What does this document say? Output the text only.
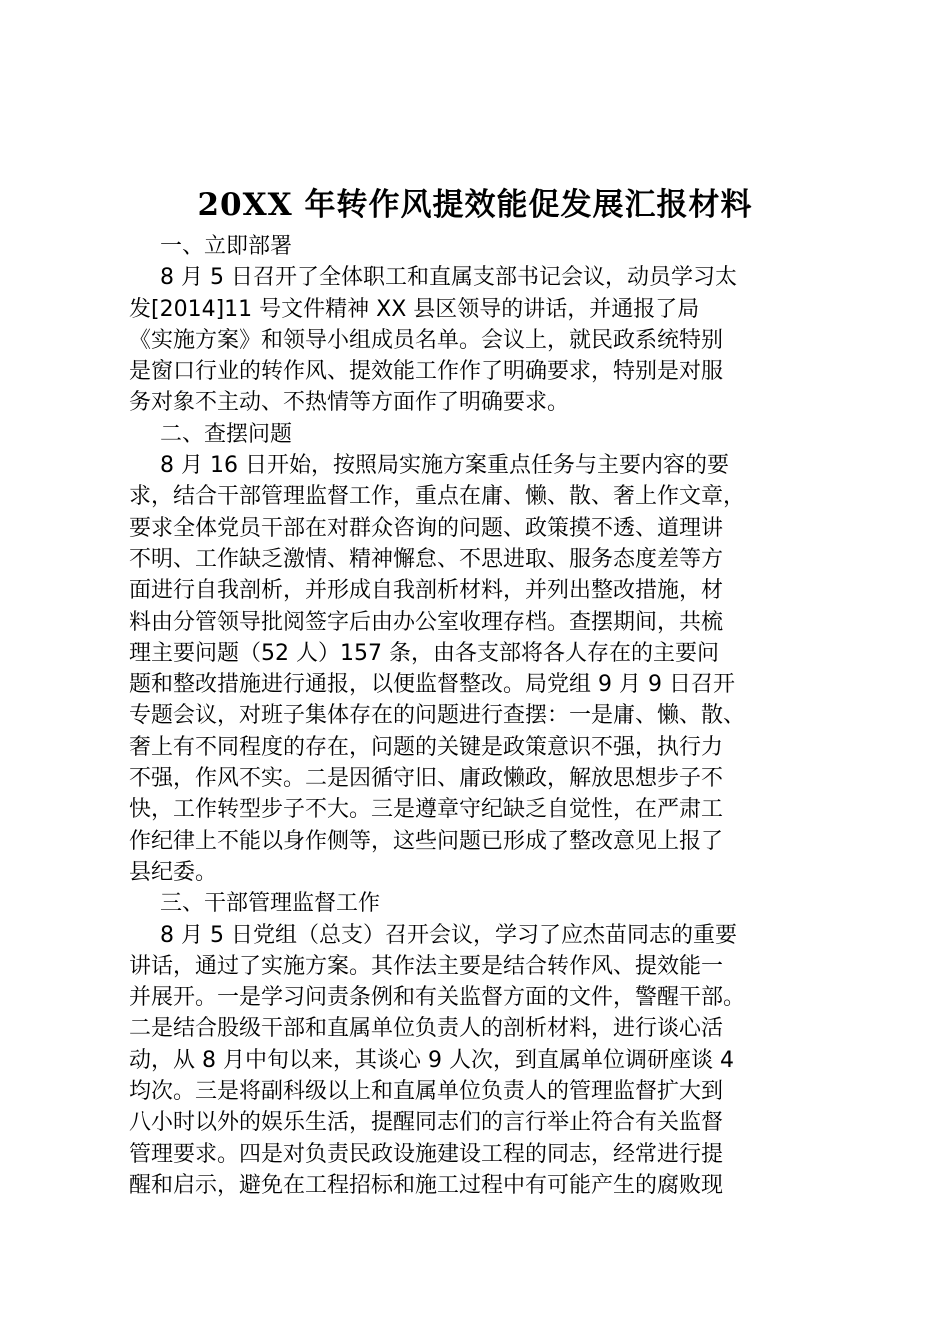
20XX 年转作风提效能促发展汇报材料
一、立即部署
8 月 5 日召开了全体职工和直属支部书记会议，动员学习太
发[2014]11 号文件精神 XX 县区领导的讲话，并通报了局
《实施方案》和领导小组成员名单。会议上，就民政系统特别
是窗口行业的转作风、提效能工作作了明确要求，特别是对服
务对象不主动、不热情等方面作了明确要求。
二、查摆问题
8 月 16 日开始，按照局实施方案重点任务与主要内容的要
求，结合干部管理监督工作，重点在庸、懒、散、奢上作文章，
要求全体党员干部在对群众咨询的问题、政策摸不透、道理讲
不明、工作缺乏激情、精神懈怠、不思进取、服务态度差等方
面进行自我剖析，并形成自我剖析材料，并列出整改措施，材
料由分管领导批阅签字后由办公室收理存档。查摆期间，共梳
理主要问题（52 人）157 条，由各支部将各人存在的主要问
题和整改措施进行通报，以便监督整改。局党组 9 月 9 日召开
专题会议，对班子集体存在的问题进行查摆：一是庸、懒、散、
奢上有不同程度的存在，问题的关键是政策意识不强，执行力
不强，作风不实。二是因循守旧、庸政懒政，解放思想步子不
快，工作转型步子不大。三是遵章守纪缺乏自觉性，在严肃工
作纪律上不能以身作侧等，这些问题已形成了整改意见上报了
县纪委。
三、干部管理监督工作
8 月 5 日党组（总支）召开会议，学习了应杰苗同志的重要
讲话，通过了实施方案。其作法主要是结合转作风、提效能一
并展开。一是学习问责条例和有关监督方面的文件，警醒干部。
二是结合股级干部和直属单位负责人的剖析材料，进行谈心活
动，从 8 月中旬以来，其谈心 9 人次，到直属单位调研座谈 4
均次。三是将副科级以上和直属单位负责人的管理监督扩大到
八小时以外的娱乐生活，提醒同志们的言行举止符合有关监督
管理要求。四是对负责民政设施建设工程的同志，经常进行提
醒和启示，避免在工程招标和施工过程中有可能产生的腐败现
